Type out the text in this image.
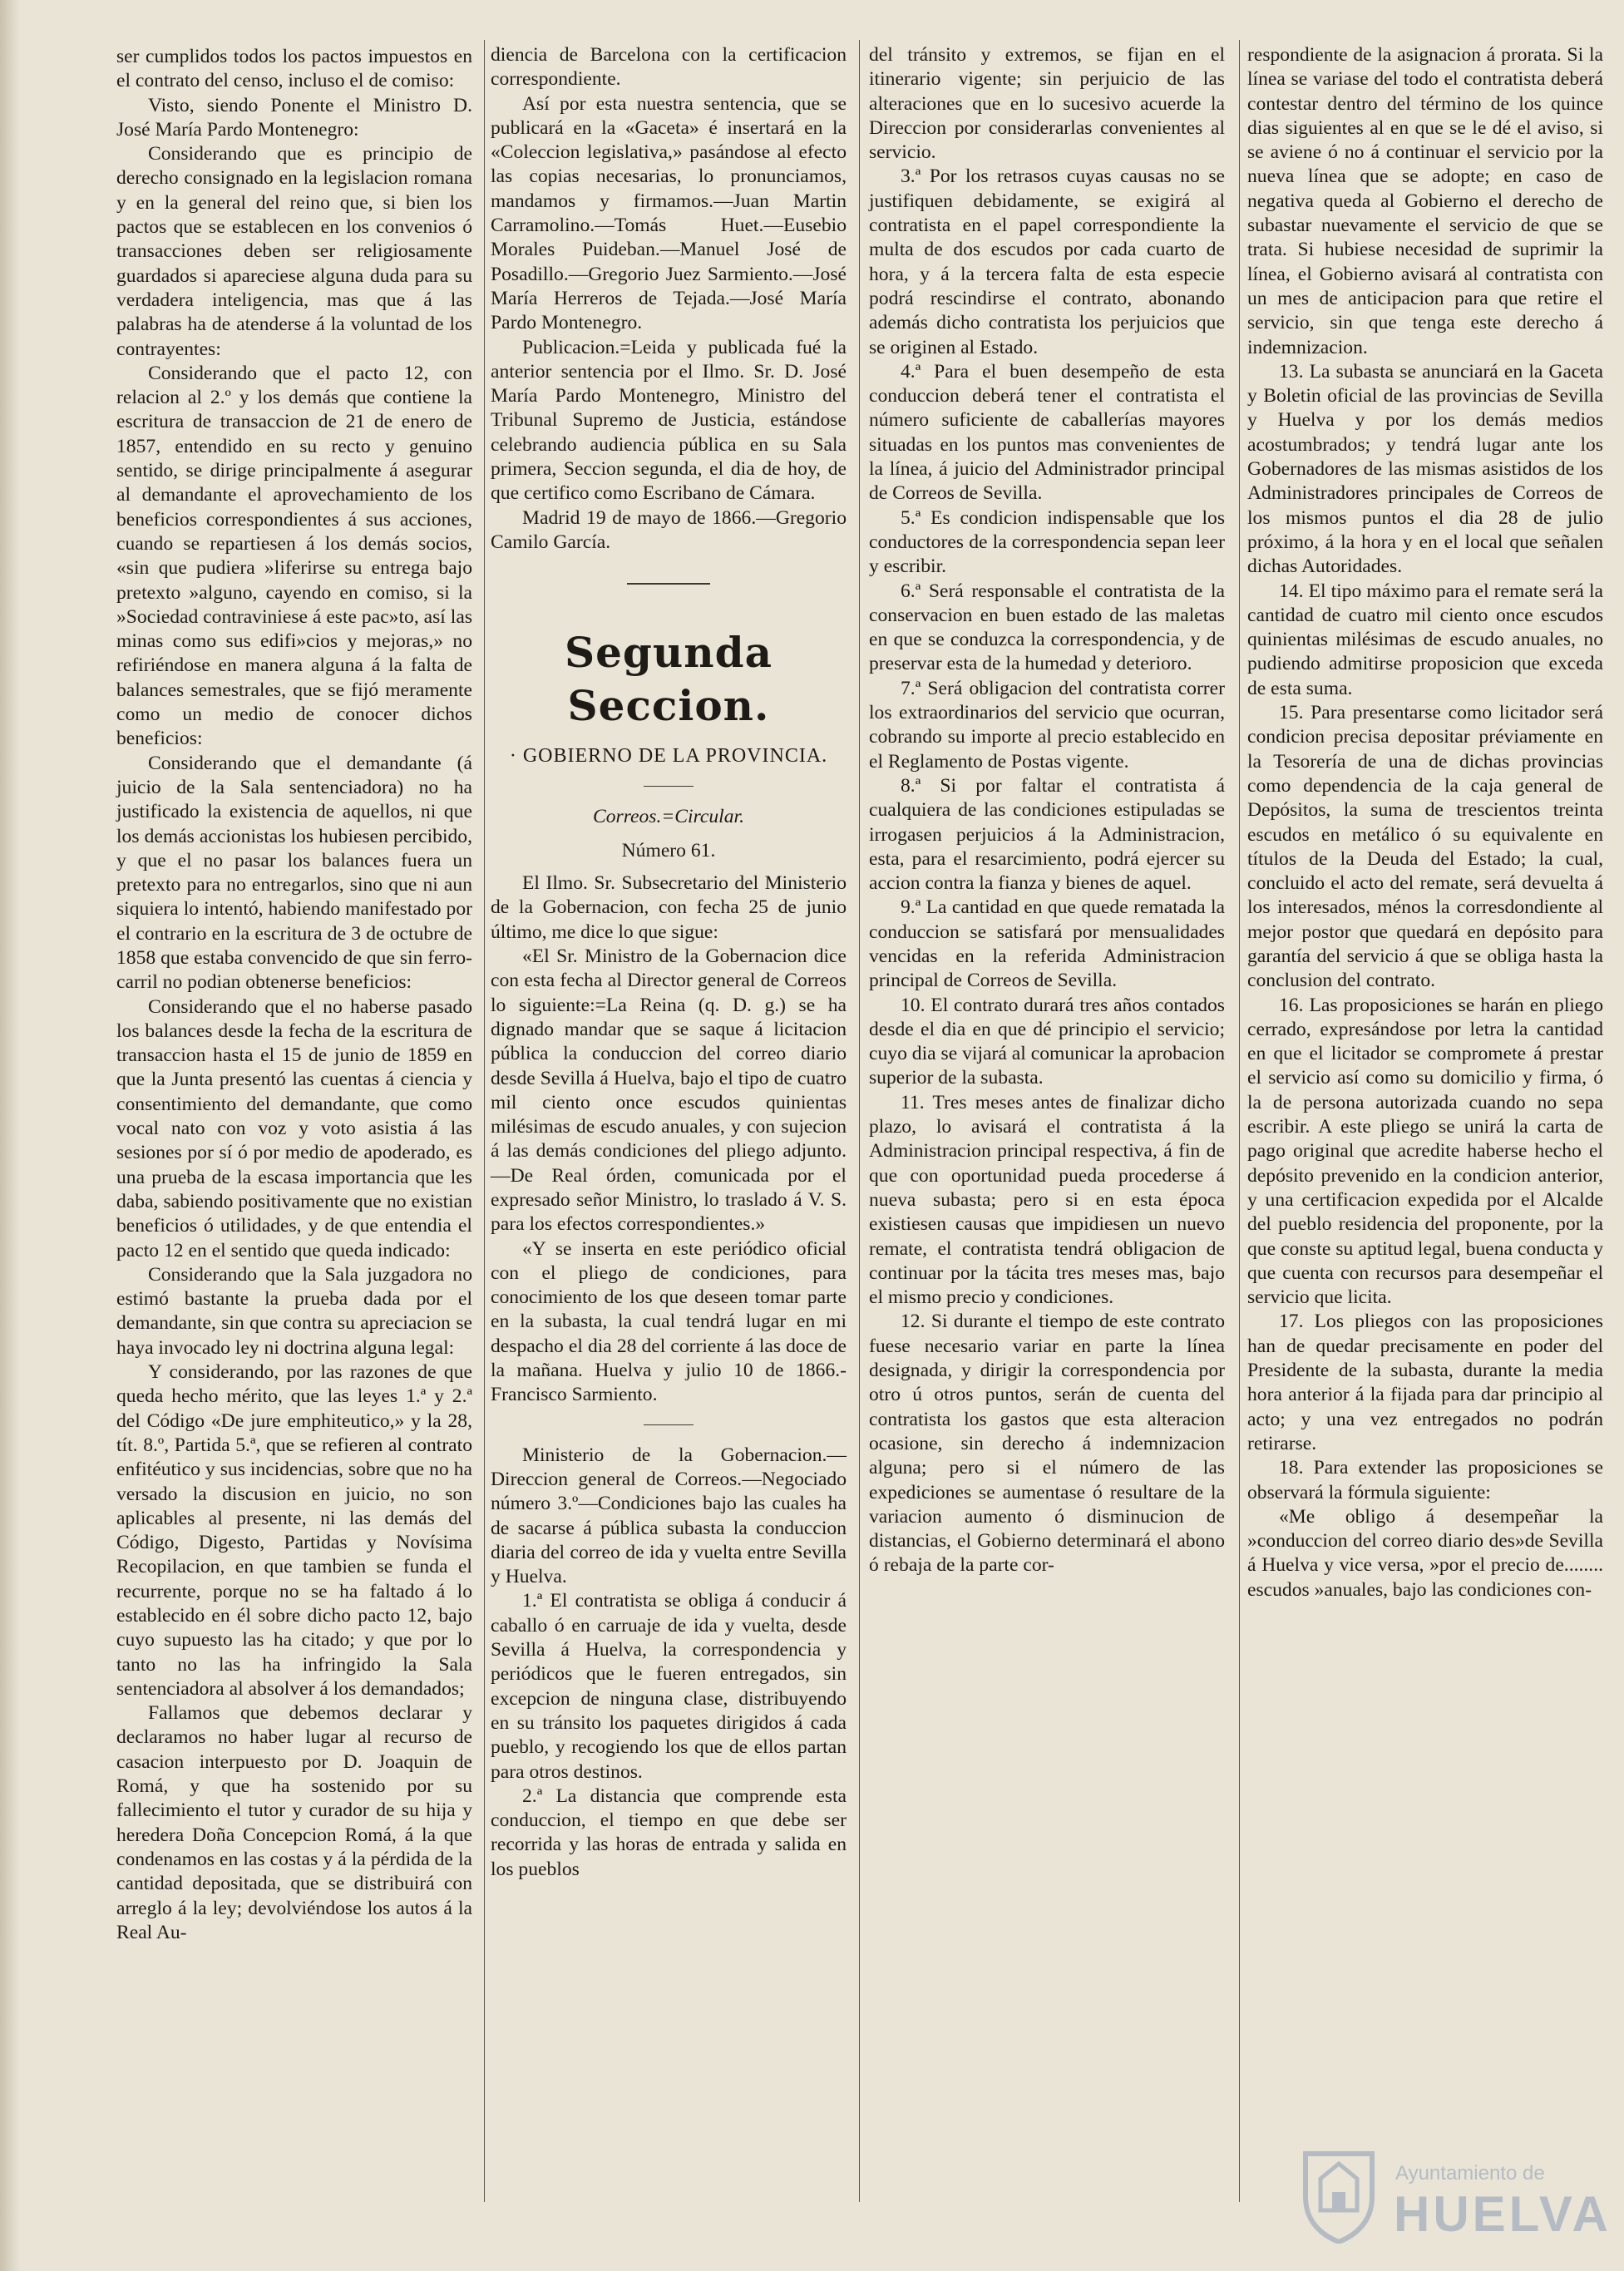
ser cumplidos todos los pactos impuestos en el contrato del censo, incluso el de comiso:

Visto, siendo Ponente el Ministro D. José María Pardo Montenegro:

Considerando que es principio de derecho consignado en la legislacion romana y en la general del reino que, si bien los pactos que se establecen en los convenios ó transacciones deben ser religiosamente guardados si apareciese alguna duda para su verdadera inteligencia, mas que á las palabras ha de atenderse á la voluntad de los contrayentes:

Considerando que el pacto 12, con relacion al 2.º y los demás que contiene la escritura de transaccion de 21 de enero de 1857, entendido en su recto y genuino sentido, se dirige principalmente á asegurar al demandante el aprovechamiento de los beneficios correspondientes á sus acciones, cuando se repartiesen á los demás socios, «sin que pudiera »liferirse su entrega bajo pretexto »alguno, cayendo en comiso, si la »Sociedad contraviniese á este pac»to, así las minas como sus edifi»cios y mejoras,» no refiriéndose en manera alguna á la falta de balances semestrales, que se fijó meramente como un medio de conocer dichos beneficios:

Considerando que el demandante (á juicio de la Sala sentenciadora) no ha justificado la existencia de aquellos, ni que los demás accionistas los hubiesen percibido, y que el no pasar los balances fuera un pretexto para no entregarlos, sino que ni aun siquiera lo intentó, habiendo manifestado por el contrario en la escritura de 3 de octubre de 1858 que estaba convencido de que sin ferro-carril no podian obtenerse beneficios:

Considerando que el no haberse pasado los balances desde la fecha de la escritura de transaccion hasta el 15 de junio de 1859 en que la Junta presentó las cuentas á ciencia y consentimiento del demandante, que como vocal nato con voz y voto asistia á las sesiones por sí ó por medio de apoderado, es una prueba de la escasa importancia que les daba, sabiendo positivamente que no existian beneficios ó utilidades, y de que entendia el pacto 12 en el sentido que queda indicado:

Considerando que la Sala juzgadora no estimó bastante la prueba dada por el demandante, sin que contra su apreciacion se haya invocado ley ni doctrina alguna legal:

Y considerando, por las razones de que queda hecho mérito, que las leyes 1.ª y 2.ª del Código «De jure emphiteutico,» y la 28, tít. 8.º, Partida 5.ª, que se refieren al contrato enfitéutico y sus incidencias, sobre que no ha versado la discusion en juicio, no son aplicables al presente, ni las demás del Código, Digesto, Partidas y Novísima Recopilacion, en que tambien se funda el recurrente, porque no se ha faltado á lo establecido en él sobre dicho pacto 12, bajo cuyo supuesto las ha citado; y que por lo tanto no las ha infringido la Sala sentenciadora al absolver á los demandados;

Fallamos que debemos declarar y declaramos no haber lugar al recurso de casacion interpuesto por D. Joaquin de Romá, y que ha sostenido por su fallecimiento el tutor y curador de su hija y heredera Doña Concepcion Romá, á la que condenamos en las costas y á la pérdida de la cantidad depositada, que se distribuirá con arreglo á la ley; devolviéndose los autos á la Real Au-

diencia de Barcelona con la certificacion correspondiente.

Así por esta nuestra sentencia, que se publicará en la «Gaceta» é insertará en la «Coleccion legislativa,» pasándose al efecto las copias necesarias, lo pronunciamos, mandamos y firmamos.—Juan Martin Carramolino.—Tomás Huet.—Eusebio Morales Puideban.—Manuel José de Posadillo.—Gregorio Juez Sarmiento.—José María Herreros de Tejada.—José María Pardo Montenegro.

Publicacion.=Leida y publicada fué la anterior sentencia por el Ilmo. Sr. D. José María Pardo Montenegro, Ministro del Tribunal Supremo de Justicia, estándose celebrando audiencia pública en su Sala primera, Seccion segunda, el dia de hoy, de que certifico como Escribano de Cámara.

Madrid 19 de mayo de 1866.—Gregorio Camilo García.

Segunda Seccion.
· GOBIERNO DE LA PROVINCIA.
Correos.=Circular.
Número 61.

El Ilmo. Sr. Subsecretario del Ministerio de la Gobernacion, con fecha 25 de junio último, me dice lo que sigue:

«El Sr. Ministro de la Gobernacion dice con esta fecha al Director general de Correos lo siguiente:=La Reina (q. D. g.) se ha dignado mandar que se saque á licitacion pública la conduccion del correo diario desde Sevilla á Huelva, bajo el tipo de cuatro mil ciento once escudos quinientas milésimas de escudo anuales, y con sujecion á las demás condiciones del pliego adjunto.—De Real órden, comunicada por el expresado señor Ministro, lo traslado á V. S. para los efectos correspondientes.»

«Y se inserta en este periódico oficial con el pliego de condiciones, para conocimiento de los que deseen tomar parte en la subasta, la cual tendrá lugar en mi despacho el dia 28 del corriente á las doce de la mañana. Huelva y julio 10 de 1866.-Francisco Sarmiento.

Ministerio de la Gobernacion.—Direccion general de Correos.—Negociado número 3.º—Condiciones bajo las cuales ha de sacarse á pública subasta la conduccion diaria del correo de ida y vuelta entre Sevilla y Huelva.

1.ª El contratista se obliga á conducir á caballo ó en carruaje de ida y vuelta, desde Sevilla á Huelva, la correspondencia y periódicos que le fueren entregados, sin excepcion de ninguna clase, distribuyendo en su tránsito los paquetes dirigidos á cada pueblo, y recogiendo los que de ellos partan para otros destinos.

2.ª La distancia que comprende esta conduccion, el tiempo en que debe ser recorrida y las horas de entrada y salida en los pueblos

del tránsito y extremos, se fijan en el itinerario vigente; sin perjuicio de las alteraciones que en lo sucesivo acuerde la Direccion por considerarlas convenientes al servicio.

3.ª Por los retrasos cuyas causas no se justifiquen debidamente, se exigirá al contratista en el papel correspondiente la multa de dos escudos por cada cuarto de hora, y á la tercera falta de esta especie podrá rescindirse el contrato, abonando además dicho contratista los perjuicios que se originen al Estado.

4.ª Para el buen desempeño de esta conduccion deberá tener el contratista el número suficiente de caballerías mayores situadas en los puntos mas convenientes de la línea, á juicio del Administrador principal de Correos de Sevilla.

5.ª Es condicion indispensable que los conductores de la correspondencia sepan leer y escribir.

6.ª Será responsable el contratista de la conservacion en buen estado de las maletas en que se conduzca la correspondencia, y de preservar esta de la humedad y deterioro.

7.ª Será obligacion del contratista correr los extraordinarios del servicio que ocurran, cobrando su importe al precio establecido en el Reglamento de Postas vigente.

8.ª Si por faltar el contratista á cualquiera de las condiciones estipuladas se irrogasen perjuicios á la Administracion, esta, para el resarcimiento, podrá ejercer su accion contra la fianza y bienes de aquel.

9.ª La cantidad en que quede rematada la conduccion se satisfará por mensualidades vencidas en la referida Administracion principal de Correos de Sevilla.

10. El contrato durará tres años contados desde el dia en que dé principio el servicio; cuyo dia se vijará al comunicar la aprobacion superior de la subasta.

11. Tres meses antes de finalizar dicho plazo, lo avisará el contratista á la Administracion principal respectiva, á fin de que con oportunidad pueda procederse á nueva subasta; pero si en esta época existiesen causas que impidiesen un nuevo remate, el contratista tendrá obligacion de continuar por la tácita tres meses mas, bajo el mismo precio y condiciones.

12. Si durante el tiempo de este contrato fuese necesario variar en parte la línea designada, y dirigir la correspondencia por otro ú otros puntos, serán de cuenta del contratista los gastos que esta alteracion ocasione, sin derecho á indemnizacion alguna; pero si el número de las expediciones se aumentase ó resultare de la variacion aumento ó disminucion de distancias, el Gobierno determinará el abono ó rebaja de la parte cor-

respondiente de la asignacion á prorata. Si la línea se variase del todo el contratista deberá contestar dentro del término de los quince dias siguientes al en que se le dé el aviso, si se aviene ó no á continuar el servicio por la nueva línea que se adopte; en caso de negativa queda al Gobierno el derecho de subastar nuevamente el servicio de que se trata. Si hubiese necesidad de suprimir la línea, el Gobierno avisará al contratista con un mes de anticipacion para que retire el servicio, sin que tenga este derecho á indemnizacion.

13. La subasta se anunciará en la Gaceta y Boletin oficial de las provincias de Sevilla y Huelva y por los demás medios acostumbrados; y tendrá lugar ante los Gobernadores de las mismas asistidos de los Administradores principales de Correos de los mismos puntos el dia 28 de julio próximo, á la hora y en el local que señalen dichas Autoridades.

14. El tipo máximo para el remate será la cantidad de cuatro mil ciento once escudos quinientas milésimas de escudo anuales, no pudiendo admitirse proposicion que exceda de esta suma.

15. Para presentarse como licitador será condicion precisa depositar préviamente en la Tesorería de una de dichas provincias como dependencia de la caja general de Depósitos, la suma de trescientos treinta escudos en metálico ó su equivalente en títulos de la Deuda del Estado; la cual, concluido el acto del remate, será devuelta á los interesados, ménos la corresdondiente al mejor postor que quedará en depósito para garantía del servicio á que se obliga hasta la conclusion del contrato.

16. Las proposiciones se harán en pliego cerrado, expresándose por letra la cantidad en que el licitador se compromete á prestar el servicio así como su domicilio y firma, ó la de persona autorizada cuando no sepa escribir. A este pliego se unirá la carta de pago original que acredite haberse hecho el depósito prevenido en la condicion anterior, y una certificacion expedida por el Alcalde del pueblo residencia del proponente, por la que conste su aptitud legal, buena conducta y que cuenta con recursos para desempeñar el servicio que licita.

17. Los pliegos con las proposiciones han de quedar precisamente en poder del Presidente de la subasta, durante la media hora anterior á la fijada para dar principio al acto; y una vez entregados no podrán retirarse.

18. Para extender las proposiciones se observará la fórmula siguiente:

«Me obligo á desempeñar la »conduccion del correo diario des»de Sevilla á Huelva y vice versa, »por el precio de........ escudos »anuales, bajo las condiciones con-

Ayuntamiento de
HUELVA
